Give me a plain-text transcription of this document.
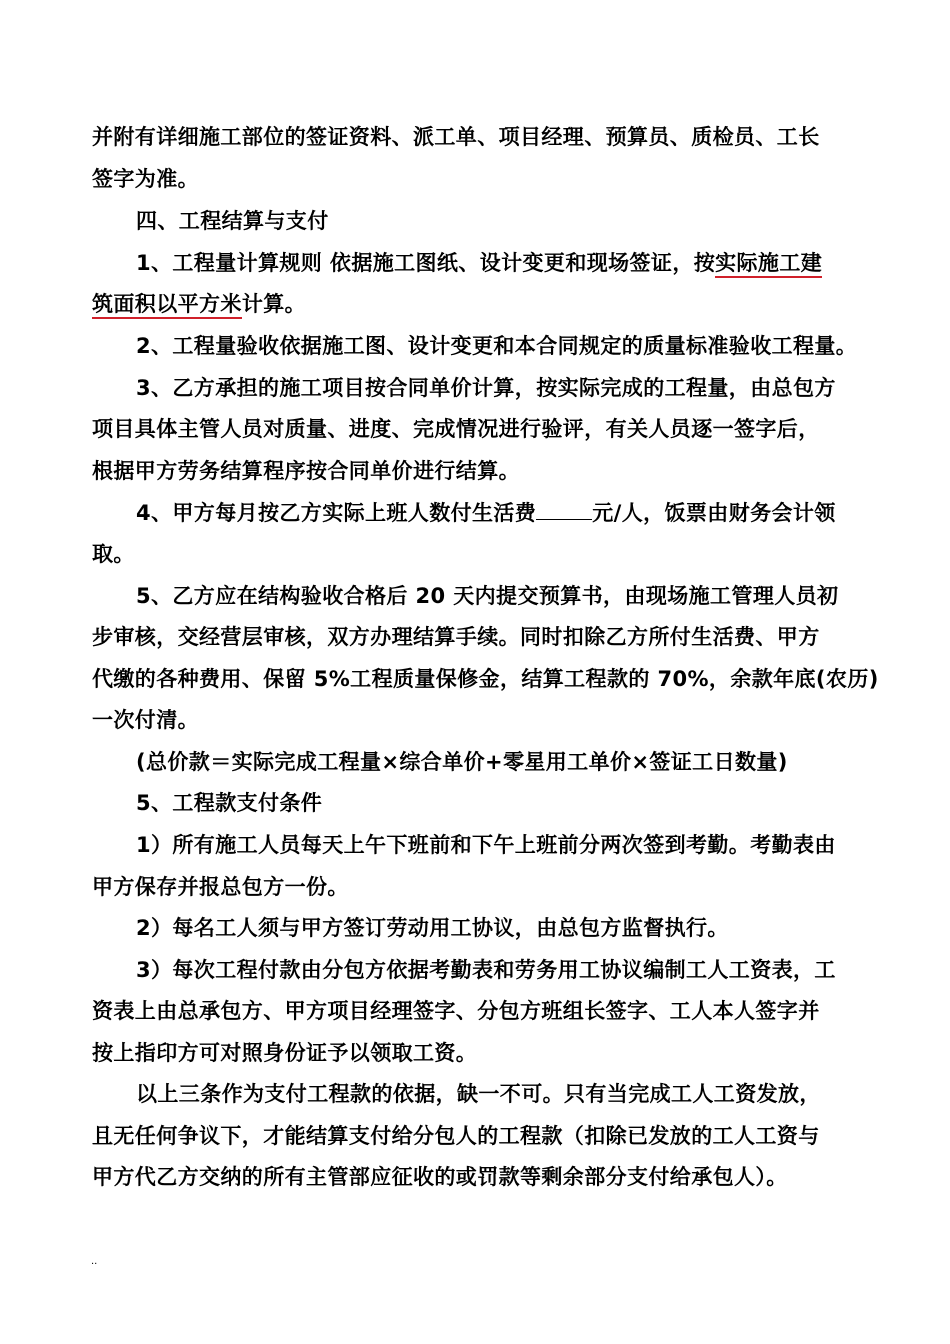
并附有详细施工部位的签证资料、派工单、项目经理、预算员、质检员、工长
签字为准。
四、工程结算与支付
1、工程量计算规则 依据施工图纸、设计变更和现场签证，按实际施工建
筑面积以平方米计算。
2、工程量验收依据施工图、设计变更和本合同规定的质量标准验收工程量。
3、乙方承担的施工项目按合同单价计算，按实际完成的工程量，由总包方
项目具体主管人员对质量、进度、完成情况进行验评，有关人员逐一签字后，
根据甲方劳务结算程序按合同单价进行结算。
4、甲方每月按乙方实际上班人数付生活费	元/人，饭票由财务会计领
取。
5、乙方应在结构验收合格后 20 天内提交预算书，由现场施工管理人员初
步审核，交经营层审核，双方办理结算手续。同时扣除乙方所付生活费、甲方
代缴的各种费用、保留 5%工程质量保修金，结算工程款的 70%，余款年底(农历)
一次付清。
(总价款＝实际完成工程量×综合单价+零星用工单价×签证工日数量)
5、工程款支付条件
1）所有施工人员每天上午下班前和下午上班前分两次签到考勤。考勤表由
甲方保存并报总包方一份。
2）每名工人须与甲方签订劳动用工协议，由总包方监督执行。
3）每次工程付款由分包方依据考勤表和劳务用工协议编制工人工资表，工
资表上由总承包方、甲方项目经理签字、分包方班组长签字、工人本人签字并
按上指印方可对照身份证予以领取工资。
以上三条作为支付工程款的依据，缺一不可。只有当完成工人工资发放，
且无任何争议下，才能结算支付给分包人的工程款（扣除已发放的工人工资与
甲方代乙方交纳的所有主管部应征收的或罚款等剩余部分支付给承包人）。
..
